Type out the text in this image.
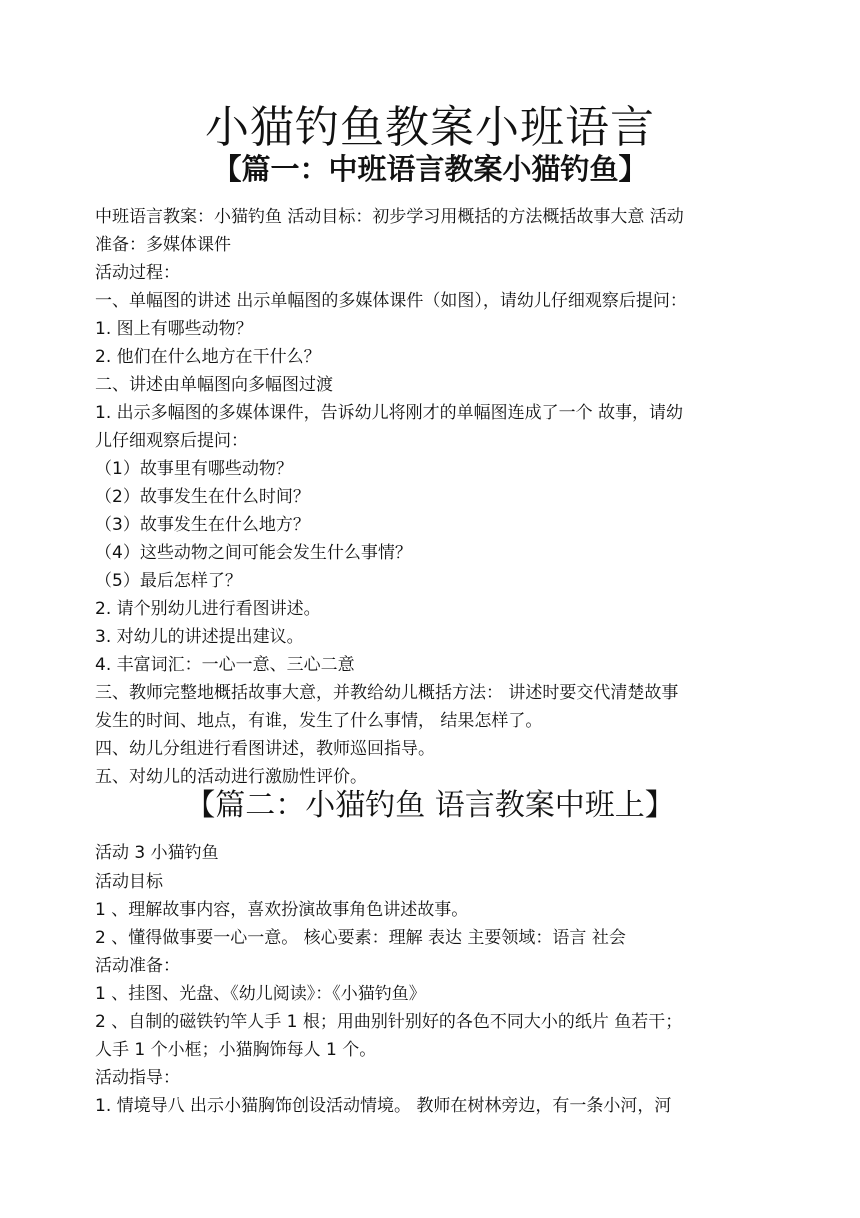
小猫钓鱼教案小班语言
【篇一：中班语言教案小猫钓鱼】
中班语言教案：小猫钓鱼 活动目标：初步学习用概括的方法概括故事大意 活动
准备：多媒体课件
活动过程：
一、单幅图的讲述 出示单幅图的多媒体课件（如图），请幼儿仔细观察后提问：
1. 图上有哪些动物？
2. 他们在什么地方在干什么？
二、讲述由单幅图向多幅图过渡
1. 出示多幅图的多媒体课件，告诉幼儿将刚才的单幅图连成了一个 故事，请幼
儿仔细观察后提问：
（1）故事里有哪些动物？
（2）故事发生在什么时间？
（3）故事发生在什么地方？
（4）这些动物之间可能会发生什么事情？
（5）最后怎样了？
2. 请个别幼儿进行看图讲述。
3. 对幼儿的讲述提出建议。
4. 丰富词汇：一心一意、三心二意
三、教师完整地概括故事大意，并教给幼儿概括方法： 讲述时要交代清楚故事
发生的时间、地点，有谁，发生了什么事情， 结果怎样了。
四、幼儿分组进行看图讲述，教师巡回指导。
五、对幼儿的活动进行激励性评价。
【篇二：小猫钓鱼 语言教案中班上】
活动 3 小猫钓鱼
活动目标
1 、理解故事内容，喜欢扮演故事角色讲述故事。
2 、懂得做事要一心一意。 核心要素：理解 表达 主要领域：语言 社会
活动准备：
1 、挂图、光盘、《幼儿阅读》：《小猫钓鱼》
2 、自制的磁铁钓竿人手 1 根；用曲别针别好的各色不同大小的纸片 鱼若干；
人手 1 个小框；小猫胸饰每人 1 个。
活动指导：
1. 情境导八 出示小猫胸饰创设活动情境。 教师在树林旁边，有一条小河，河
